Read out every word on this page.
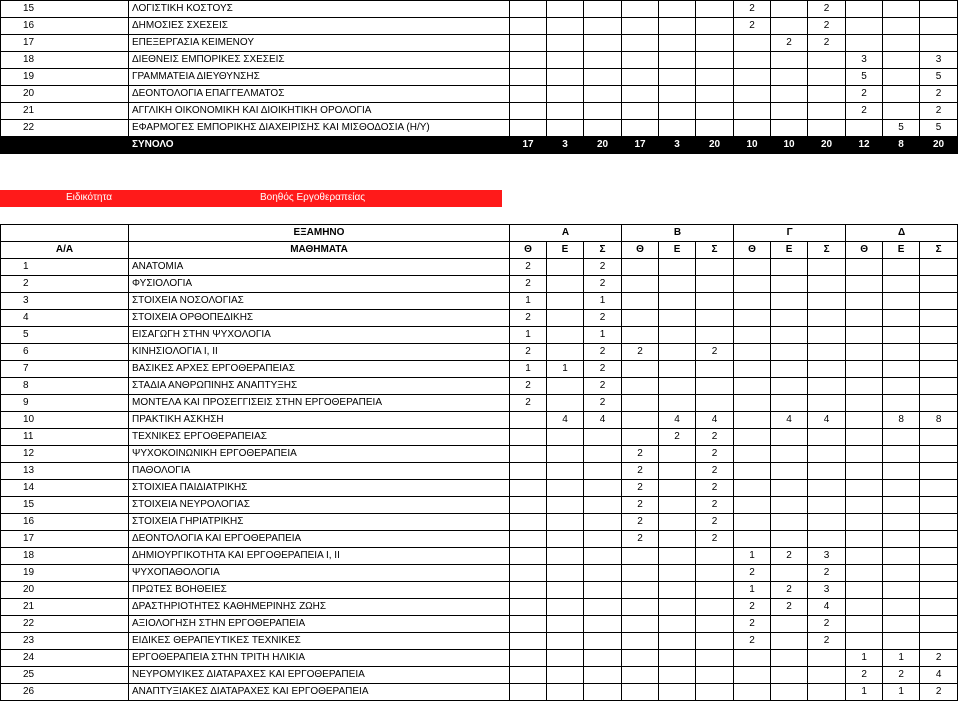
15	ΛΟΓΙΣΤΙΚΗ ΚΟΣΤΟΥΣ							2		2			
16	ΔΗΜΟΣΙΕΣ ΣΧΕΣΕΙΣ							2		2			
17	ΕΠΕΞΕΡΓΑΣΙΑ ΚΕΙΜΕΝΟΥ								2	2			
18	ΔΙΕΘΝΕΙΣ ΕΜΠΟΡΙΚΕΣ ΣΧΕΣΕΙΣ										3		3
19	ΓΡΑΜΜΑΤΕΙΑ ΔΙΕΥΘΥΝΣΗΣ										5		5
20	ΔΕΟΝΤΟΛΟΓΙΑ ΕΠΑΓΓΕΛΜΑΤΟΣ										2		2
21	ΑΓΓΛΙΚΗ ΟΙΚΟΝΟΜΙΚΗ ΚΑΙ ΔΙΟΙΚΗΤΙΚΗ ΟΡΟΛΟΓΙΑ										2		2
22	ΕΦΑΡΜΟΓΕΣ ΕΜΠΟΡΙΚΗΣ ΔΙΑΧΕΙΡΙΣΗΣ ΚΑΙ ΜΙΣΘΟΔΟΣΙΑ (Η/Υ)											5	5
	ΣΥΝΟΛΟ	17	3	20	17	3	20	10	10	20	12	8	20
Ειδικότητα	Βοηθός Εργοθεραπείας
	ΕΞΑΜΗΝΟ	Α			Β			Γ			Δ		
Α/Α	ΜΑΘΗΜΑΤΑ	Θ	Ε	Σ	Θ	Ε	Σ	Θ	Ε	Σ	Θ	Ε	Σ
1	ΑΝΑΤΟΜΙΑ	2		2									
2	ΦΥΣΙΟΛΟΓΙΑ	2		2									
3	ΣΤΟΙΧΕΙΑ ΝΟΣΟΛΟΓΙΑΣ	1		1									
4	ΣΤΟΙΧΕΙΑ ΟΡΘΟΠΕΔΙΚΗΣ	2		2									
5	ΕΙΣΑΓΩΓΗ ΣΤΗΝ ΨΥΧΟΛΟΓΙΑ	1		1									
6	ΚΙΝΗΣΙΟΛΟΓΙΑ Ι, ΙΙ	2		2	2		2						
7	ΒΑΣΙΚΕΣ ΑΡΧΕΣ ΕΡΓΟΘΕΡΑΠΕΙΑΣ	1	1	2									
8	ΣΤΑΔΙΑ ΑΝΘΡΩΠΙΝΗΣ ΑΝΑΠΤΥΞΗΣ	2		2									
9	ΜΟΝΤΕΛΑ ΚΑΙ ΠΡΟΣΕΓΓΙΣΕΙΣ ΣΤΗΝ ΕΡΓΟΘΕΡΑΠΕΙΑ	2		2									
10	ΠΡΑΚΤΙΚΗ ΑΣΚΗΣΗ		4	4		4	4		4	4		8	8
11	ΤΕΧΝΙΚΕΣ ΕΡΓΟΘΕΡΑΠΕΙΑΣ					2	2						
12	ΨΥΧΟΚΟΙΝΩΝΙΚΗ ΕΡΓΟΘΕΡΑΠΕΙΑ				2		2						
13	ΠΑΘΟΛΟΓΙΑ				2		2						
14	ΣΤΟΙΧΙΕΑ ΠΑΙΔΙΑΤΡΙΚΗΣ				2		2						
15	ΣΤΟΙΧΕΙΑ ΝΕΥΡΟΛΟΓΙΑΣ				2		2						
16	ΣΤΟΙΧΕΙΑ ΓΗΡΙΑΤΡΙΚΗΣ				2		2						
17	ΔΕΟΝΤΟΛΟΓΙΑ ΚΑΙ ΕΡΓΟΘΕΡΑΠΕΙΑ				2		2						
18	ΔΗΜΙΟΥΡΓΙΚΟΤΗΤΑ ΚΑΙ ΕΡΓΟΘΕΡΑΠΕΙΑ Ι, ΙΙ							1	2	3			
19	ΨΥΧΟΠΑΘΟΛΟΓΙΑ							2		2			
20	ΠΡΩΤΕΣ ΒΟΗΘΕΙΕΣ							1	2	3			
21	ΔΡΑΣΤΗΡΙΟΤΗΤΕΣ ΚΑΘΗΜΕΡΙΝΗΣ ΖΩΗΣ							2	2	4			
22	ΑΞΙΟΛΟΓΗΣΗ ΣΤΗΝ ΕΡΓΟΘΕΡΑΠΕΙΑ							2		2			
23	ΕΙΔΙΚΕΣ ΘΕΡΑΠΕΥΤΙΚΕΣ ΤΕΧΝΙΚΕΣ							2		2			
24	ΕΡΓΟΘΕΡΑΠΕΙΑ ΣΤΗΝ ΤΡΙΤΗ ΗΛΙΚΙΑ										1	1	2
25	ΝΕΥΡΟΜΥΙΚΕΣ ΔΙΑΤΑΡΑΧΕΣ ΚΑΙ ΕΡΓΟΘΕΡΑΠΕΙΑ										2	2	4
26	ΑΝΑΠΤΥΞΙΑΚΕΣ ΔΙΑΤΑΡΑΧΕΣ ΚΑΙ ΕΡΓΟΘΕΡΑΠΕΙΑ										1	1	2
